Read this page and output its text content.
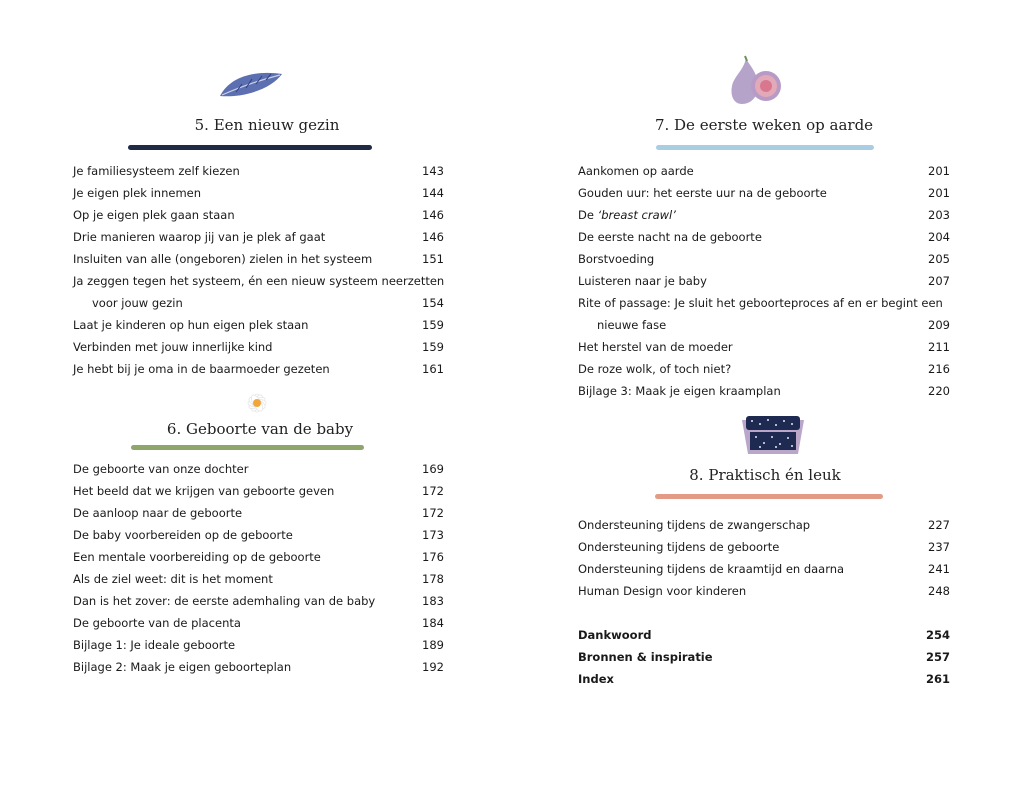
5. Een nieuw gezin
Je familiesysteem zelf kiezen	143
Je eigen plek innemen	144
Op je eigen plek gaan staan	146
Drie manieren waarop jij van je plek af gaat	146
Insluiten van alle (ongeboren) zielen in het systeem	151
Ja zeggen tegen het systeem, én een nieuw systeem neerzetten
voor jouw gezin	154
Laat je kinderen op hun eigen plek staan	159
Verbinden met jouw innerlijke kind	159
Je hebt bij je oma in de baarmoeder gezeten	161
6. Geboorte van de baby
De geboorte van onze dochter	169
Het beeld dat we krijgen van geboorte geven	172
De aanloop naar de geboorte	172
De baby voorbereiden op de geboorte	173
Een mentale voorbereiding op de geboorte	176
Als de ziel weet: dit is het moment	178
Dan is het zover: de eerste ademhaling van de baby	183
De geboorte van de placenta	184
Bijlage 1: Je ideale geboorte	189
Bijlage 2: Maak je eigen geboorteplan	192
7. De eerste weken op aarde
Aankomen op aarde	201
Gouden uur: het eerste uur na de geboorte	201
De ‘breast crawl’	203
De eerste nacht na de geboorte	204
Borstvoeding	205
Luisteren naar je baby	207
Rite of passage: Je sluit het geboorteproces af en er begint een
nieuwe fase	209
Het herstel van de moeder	211
De roze wolk, of toch niet?	216
Bijlage 3: Maak je eigen kraamplan	220
8. Praktisch én leuk
Ondersteuning tijdens de zwangerschap	227
Ondersteuning tijdens de geboorte	237
Ondersteuning tijdens de kraamtijd en daarna	241
Human Design voor kinderen	248
Dankwoord	254
Bronnen & inspiratie	257
Index	261
